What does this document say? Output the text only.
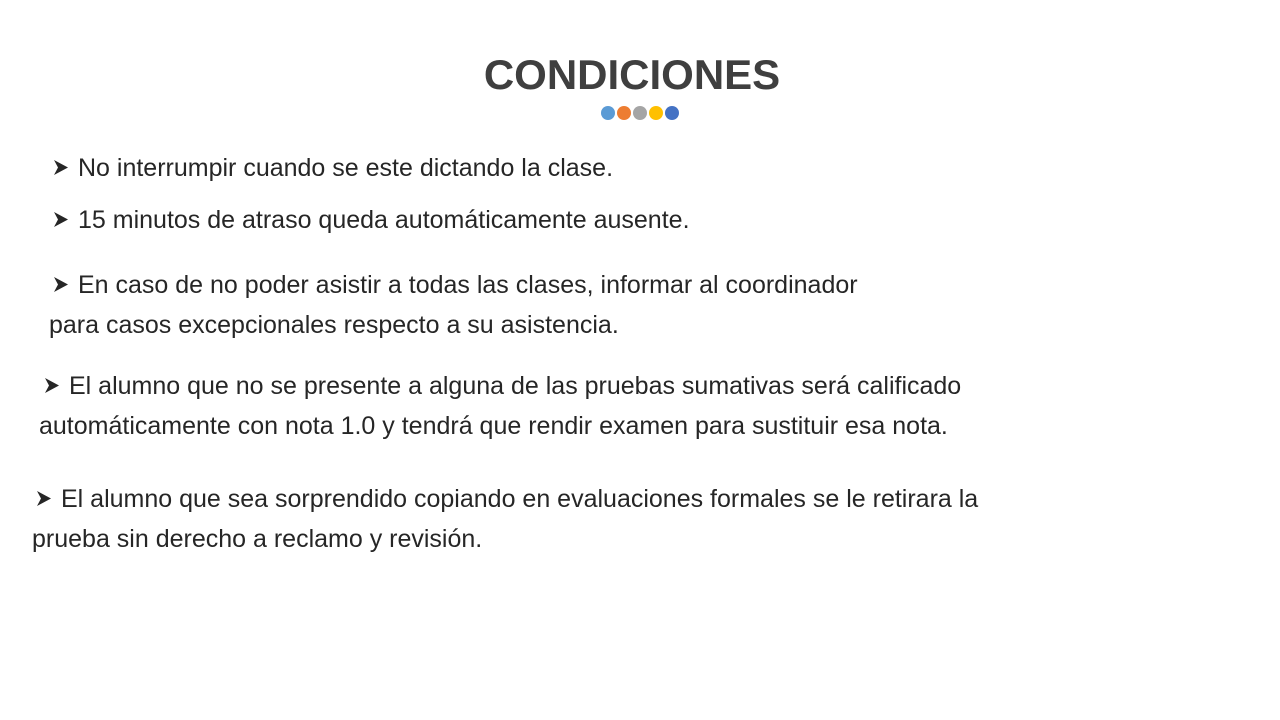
CONDICIONES
No interrumpir cuando se este dictando la clase.
15 minutos de atraso queda automáticamente ausente.
En caso de no poder asistir a todas las clases, informar al coordinador
para casos excepcionales respecto a su asistencia.
El alumno que no se presente a alguna de las pruebas sumativas será calificado
automáticamente con nota 1.0 y tendrá que rendir examen para sustituir esa nota.
El alumno que sea sorprendido copiando en evaluaciones formales se le retirara la
prueba sin derecho a reclamo y revisión.
